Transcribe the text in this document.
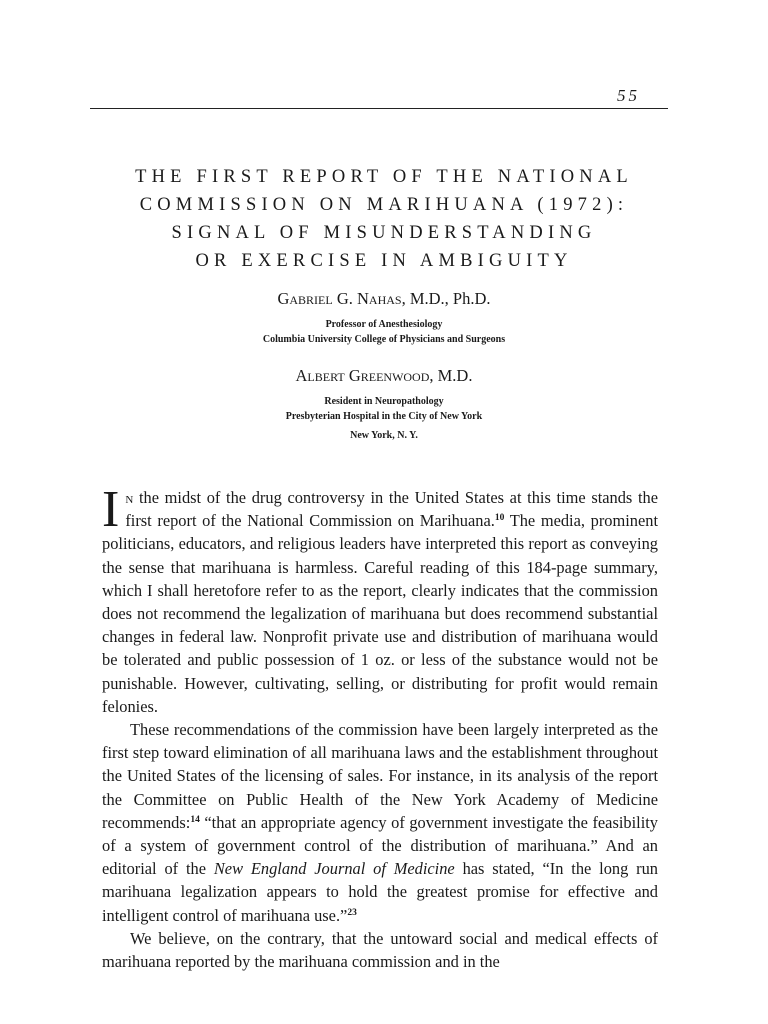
55
THE FIRST REPORT OF THE NATIONAL
COMMISSION ON MARIHUANA (1972):
SIGNAL OF MISUNDERSTANDING
OR EXERCISE IN AMBIGUITY

Gabriel G. Nahas, M.D., Ph.D.

Professor of Anesthesiology

Columbia University College of Physicians and Surgeons

Albert Greenwood, M.D.

Resident in Neuropathology

Presbyterian Hospital in the City of New York

New York, N. Y.

In the midst of the drug controversy in the United States at this time stands the first report of the National Commission on Marihuana.$^{10}$ The media, prominent politicians, educators, and religious leaders have interpreted this report as conveying the sense that marihuana is harmless. Careful reading of this 184-page summary, which I shall heretofore refer to as the report, clearly indicates that the commission does not recommend the legalization of marihuana but does recommend substantial changes in federal law. Nonprofit private use and distribution of marihuana would be tolerated and public possession of 1 oz. or less of the substance would not be punishable. However, cultivating, selling, or distributing for profit would remain felonies.

These recommendations of the commission have been largely interpreted as the first step toward elimination of all marihuana laws and the establishment throughout the United States of the licensing of sales. For instance, in its analysis of the report the Committee on Public Health of the New York Academy of Medicine recommends:$^{14}$ “that an appropriate agency of government investigate the feasibility of a system of government control of the distribution of marihuana.” And an editorial of the New England Journal of Medicine has stated, “In the long run marihuana legalization appears to hold the greatest promise for effective and intelligent control of marihuana use.”$^{23}$

We believe, on the contrary, that the untoward social and medical effects of marihuana reported by the marihuana commission and in the
